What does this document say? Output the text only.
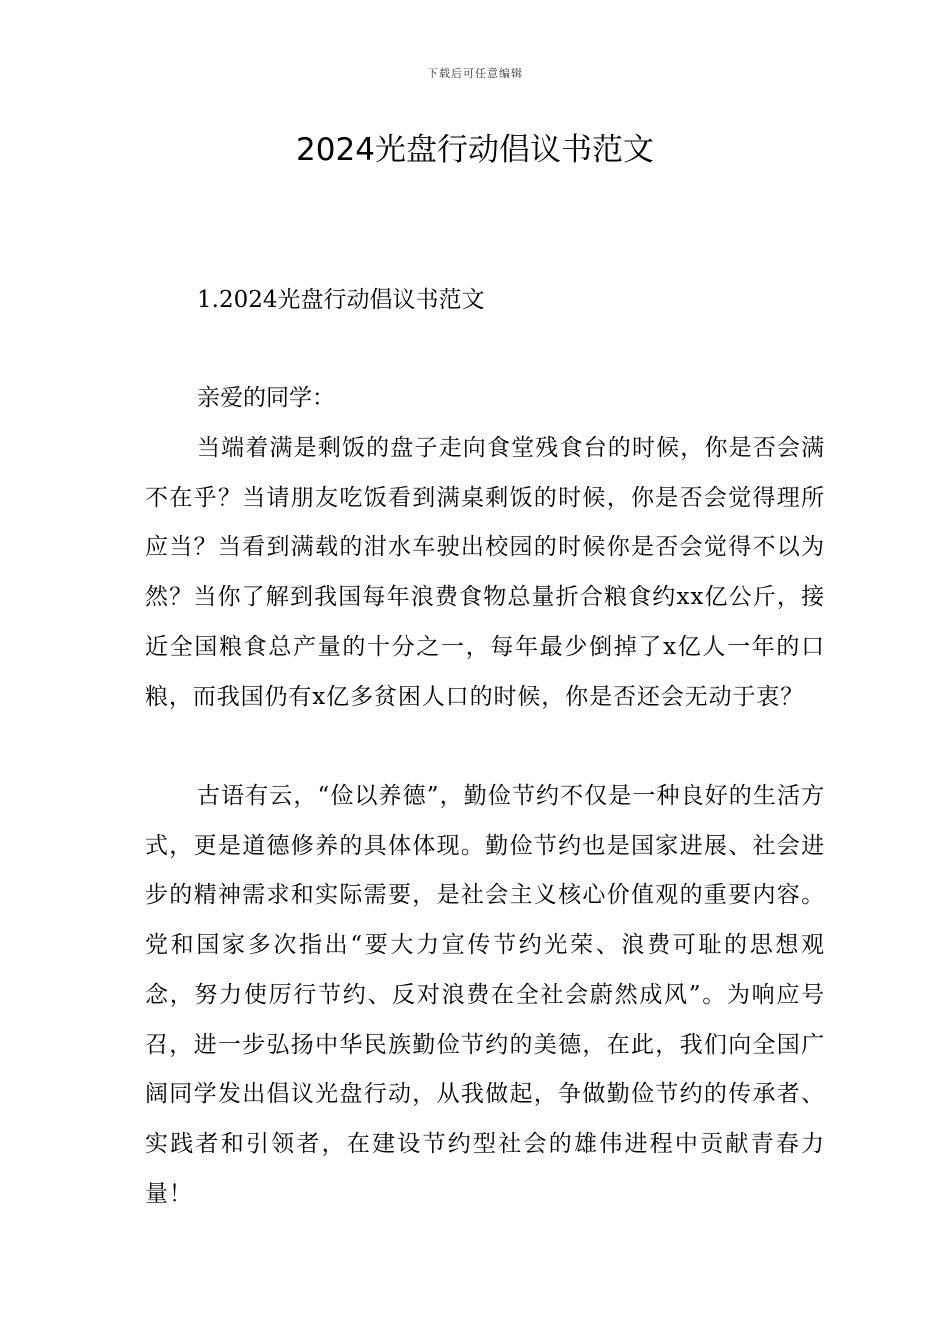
下载后可任意编辑
2024光盘行动倡议书范文
1.2024光盘行动倡议书范文

亲爱的同学：

当端着满是剩饭的盘子走向食堂残食台的时候，你是否会满不在乎？当请朋友吃饭看到满桌剩饭的时候，你是否会觉得理所应当？当看到满载的泔水车驶出校园的时候你是否会觉得不以为然？当你了解到我国每年浪费食物总量折合粮食约xx亿公斤，接近全国粮食总产量的十分之一，每年最少倒掉了x亿人一年的口粮，而我国仍有x亿多贫困人口的时候，你是否还会无动于衷？

古语有云，“俭以养德”，勤俭节约不仅是一种良好的生活方式，更是道德修养的具体体现。勤俭节约也是国家进展、社会进步的精神需求和实际需要，是社会主义核心价值观的重要内容。党和国家多次指出“要大力宣传节约光荣、浪费可耻的思想观念，努力使厉行节约、反对浪费在全社会蔚然成风”。为响应号召，进一步弘扬中华民族勤俭节约的美德，在此，我们向全国广阔同学发出倡议光盘行动，从我做起，争做勤俭节约的传承者、实践者和引领者，在建设节约型社会的雄伟进程中贡献青春力量！
